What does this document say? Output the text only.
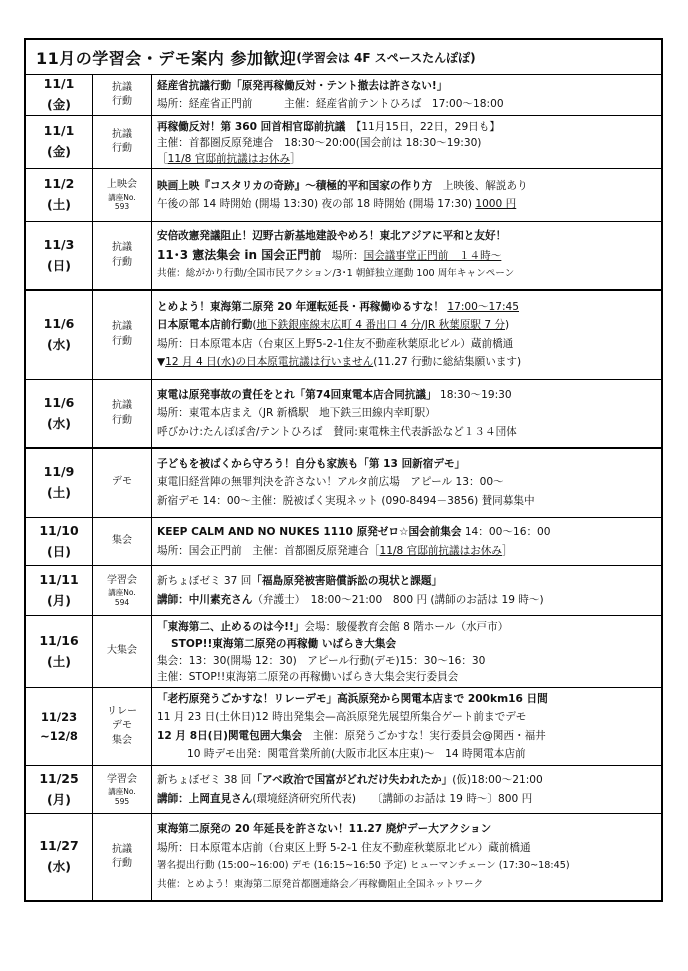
11月の学習会・デモ案内 参加歓迎 (学習会は 4F スペースたんぽぽ)
11/1
(金)
抗議
行動
経産省抗議行動「原発再稼働反対・テント撤去は許さない!」
場所：経産省正門前　　　主催：経産省前テントひろば　17:00～18:00
11/1
(金)
抗議
行動
再稼働反対！第 360 回首相官邸前抗議　【11月15日，22日，29日も】
主催：首都圏反原発連合　18:30～20:00(国会前は 18:30～19:30)
［11/8 官邸前抗議はお休み］
11/2
(土)
上映会
講座No.
593
映画上映『コスタリカの奇跡』～積極的平和国家の作り方　上映後、解説あり
午後の部 14 時開始 (開場 13:30) 夜の部 18 時開始 (開場 17:30) 1000 円
11/3
(日)
抗議
行動
安倍改憲発議阻止！辺野古新基地建設やめろ！東北アジアに平和と友好！
11･3 憲法集会 in 国会正門前　場所：国会議事堂正門前　１４時～
共催：総がかり行動/全国市民アクション/3･1 朝鮮独立運動 100 周年キャンペーン
11/6
(水)
抗議
行動
とめよう！東海第二原発 20 年運転延長・再稼働ゆるすな！ 17:00～17:45
日本原電本店前行動(地下鉄銀座線末広町 4 番出口 4 分/JR 秋葉原駅 7 分)
場所：日本原電本店（台東区上野5-2-1住友不動産秋葉原北ビル）蔵前橋通
▼12 月 4 日(水)の日本原電抗議は行いません(11.27 行動に総結集願います)
11/6
(水)
抗議
行動
東電は原発事故の責任をとれ「第74回東電本店合同抗議」 18:30～19:30
場所：東電本店まえ（JR 新橋駅　地下鉄三田線内幸町駅）
呼びかけ:たんぽぽ舎/テントひろば　賛同:東電株主代表訴訟など１３４団体
11/9
(土)
デモ
子どもを被ばくから守ろう！自分も家族も「第 13 回新宿デモ」
東電旧経営陣の無罪判決を許さない！アルタ前広場　アピール 13：00～
新宿デモ 14：00～主催：脱被ばく実現ネット (090-8494－3856) 賛同募集中
11/10
(日)
集会
KEEP CALM AND NO NUKES 1110 原発ゼロ☆国会前集会 14：00～16：00
場所：国会正門前　主催：首都圏反原発連合［11/8 官邸前抗議はお休み］
11/11
(月)
学習会
講座No.
594
新ちょぼゼミ 37 回「福島原発被害賠償訴訟の現状と課題」
講師：中川素充さん（弁護士）　18:00～21:00　800 円 (講師のお話は 19 時～)
11/16
(土)
大集会
「東海第二、止めるのは今!!」会場：駿優教育会館 8 階ホール（水戸市）
STOP!!東海第二原発の再稼働 いばらき大集会
集会：13：30(開場 12：30)　アピール行動(デモ)15：30～16：30
主催：STOP!!東海第二原発の再稼働いばらき大集会実行委員会
11/23
~12/8
リレー
デモ
集会
「老朽原発うごかすな！リレーデモ」高浜原発から関電本店まで 200km16 日間
11 月 23 日(土休日)12 時出発集会—高浜原発先展望所集合ゲート前までデモ
12 月 8日(日)関電包囲大集会　主催：原発うごかすな！実行委員会@関西・福井
10 時デモ出発：関電営業所前(大阪市北区本庄東)～　14 時関電本店前
11/25
(月)
学習会
講座No.
595
新ちょぼゼミ 38 回「アベ政治で国富がどれだけ失われたか」(仮)18:00～21:00
講師：上岡直見さん(環境経済研究所代表)　　〔講師のお話は 19 時～〕800 円
11/27
(水)
抗議
行動
東海第二原発の 20 年延長を許さない！11.27 廃炉デー大アクション
場所：日本原電本店前（台東区上野 5-2-1 住友不動産秋葉原北ビル）蔵前橋通
署名提出行動 (15:00~16:00) デモ (16:15~16:50 予定) ヒューマンチェーン (17:30~18:45)
共催：とめよう！東海第二原発首都圏連絡会／再稼働阻止全国ネットワーク
